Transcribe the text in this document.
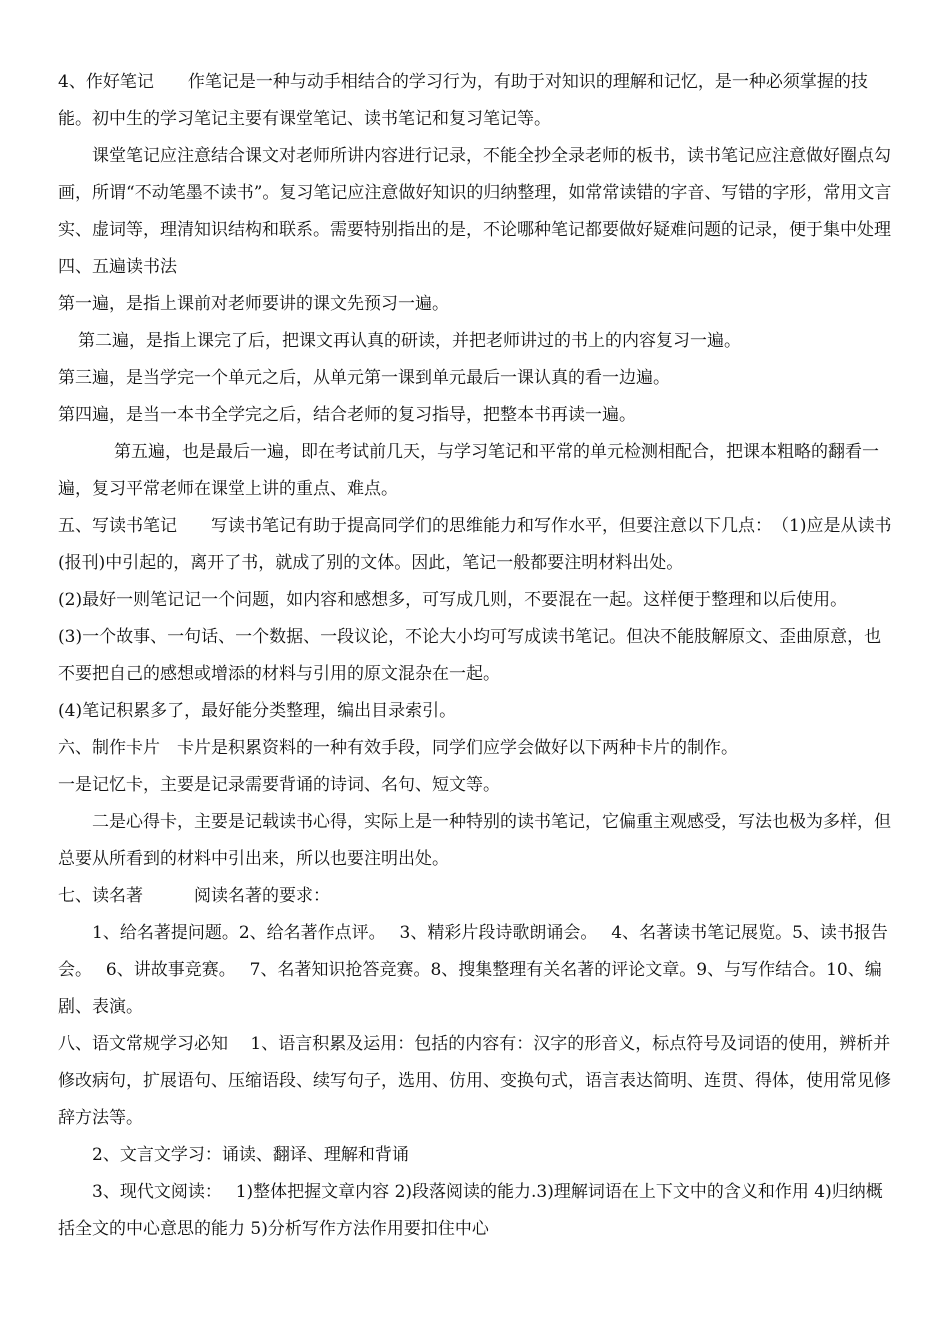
4、作好笔记　　作笔记是一种与动手相结合的学习行为，有助于对知识的理解和记忆，是一种必须掌握的技能。初中生的学习笔记主要有课堂笔记、读书笔记和复习笔记等。

课堂笔记应注意结合课文对老师所讲内容进行记录，不能全抄全录老师的板书，读书笔记应注意做好圈点勾画，所谓“不动笔墨不读书”。复习笔记应注意做好知识的归纳整理，如常常读错的字音、写错的字形，常用文言实、虚词等，理清知识结构和联系。需要特别指出的是，不论哪种笔记都要做好疑难问题的记录，便于集中处理

四、五遍读书法

第一遍，是指上课前对老师要讲的课文先预习一遍。

第二遍，是指上课完了后，把课文再认真的研读，并把老师讲过的书上的内容复习一遍。

第三遍，是当学完一个单元之后，从单元第一课到单元最后一课认真的看一边遍。

第四遍，是当一本书全学完之后，结合老师的复习指导，把整本书再读一遍。

第五遍，也是最后一遍，即在考试前几天，与学习笔记和平常的单元检测相配合，把课本粗略的翻看一遍，复习平常老师在课堂上讲的重点、难点。

五、写读书笔记　　写读书笔记有助于提高同学们的思维能力和写作水平，但要注意以下几点：　（1)应是从读书(报刊)中引起的，离开了书，就成了别的文体。因此，笔记一般都要注明材料出处。

(2)最好一则笔记记一个问题，如内容和感想多，可写成几则，不要混在一起。这样便于整理和以后使用。

(3)一个故事、一句话、一个数据、一段议论，不论大小均可写成读书笔记。但决不能肢解原文、歪曲原意，也不要把自己的感想或增添的材料与引用的原文混杂在一起。

(4)笔记积累多了，最好能分类整理，编出目录索引。

六、制作卡片　卡片是积累资料的一种有效手段，同学们应学会做好以下两种卡片的制作。

一是记忆卡，主要是记录需要背诵的诗词、名句、短文等。

二是心得卡，主要是记载读书心得，实际上是一种特别的读书笔记，它偏重主观感受，写法也极为多样，但总要从所看到的材料中引出来，所以也要注明出处。

七、读名著　　　阅读名著的要求：

1、给名著提问题。2、给名著作点评。　 3、精彩片段诗歌朗诵会。　 4、名著读书笔记展览。5、读书报告会。　 6、讲故事竞赛。　 7、名著知识抢答竞赛。8、搜集整理有关名著的评论文章。9、与写作结合。10、编剧、表演。

八、语文常规学习必知　 1、语言积累及运用：包括的内容有：汉字的形音义，标点符号及词语的使用，辨析并修改病句，扩展语句、压缩语段、续写句子，选用、仿用、变换句式，语言表达简明、连贯、得体，使用常见修辞方法等。

2、文言文学习：诵读、翻译、理解和背诵

3、现代文阅读：　 1)整体把握文章内容 2)段落阅读的能力.3)理解词语在上下文中的含义和作用 4)归纳概括全文的中心意思的能力 5)分析写作方法作用要扣住中心
